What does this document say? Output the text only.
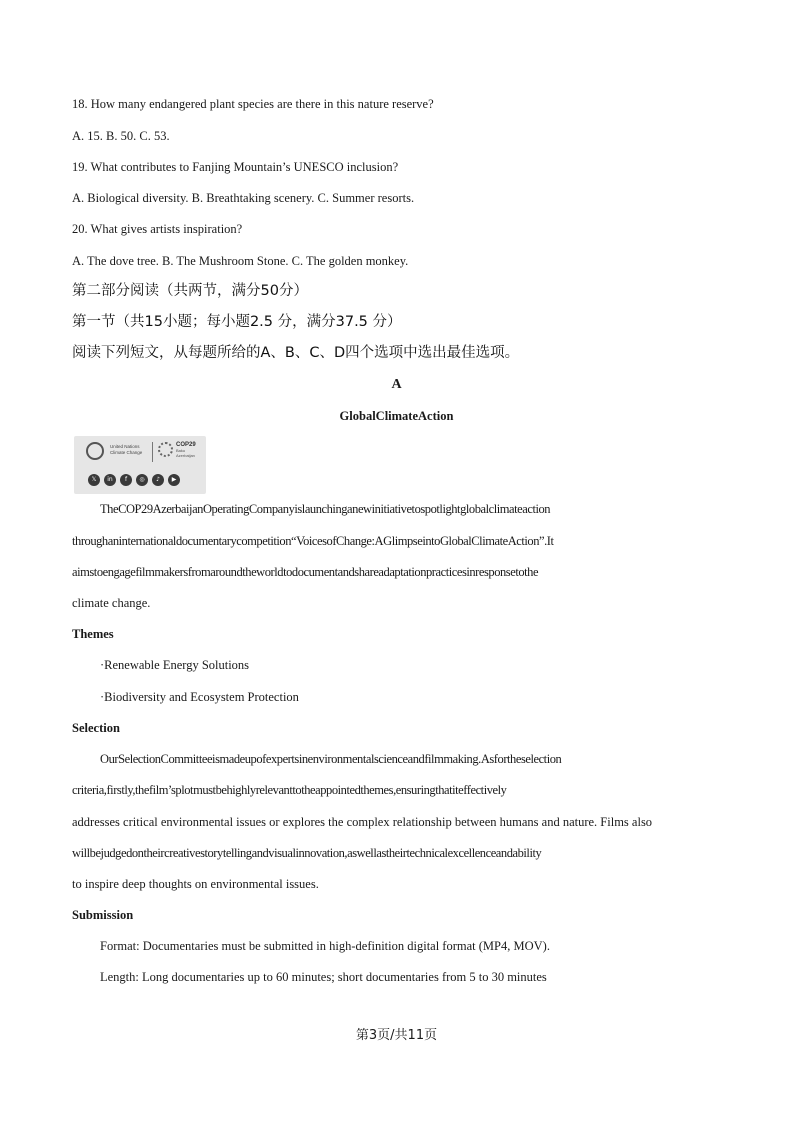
18. How many endangered plant species are there in this nature reserve?
A. 15. B. 50. C. 53.
19. What contributes to Fanjing Mountain’s UNESCO inclusion?
A. Biological diversity. B. Breathtaking scenery. C. Summer resorts.
20. What gives artists inspiration?
A. The dove tree. B. The Mushroom Stone. C. The golden monkey.
第二部分阅读（共两节，满分50分）
第一节（共15小题；每小题2.5 分，满分37.5 分）
阅读下列短文，从每题所给的A、B、C、D四个选项中选出最佳选项。
A
GlobalClimateAction
United Nations
Climate Change
COP29
Baku
Azerbaijan
𝕏	in	f	◎	♪	▶
TheCOP29AzerbaijanOperatingCompanyislaunchinganewinitiativetospotlightglobalclimateaction
throughaninternationaldocumentarycompetition“VoicesofChange:AGlimpseintoGlobalClimateAction”.It
aimstoengagefilmmakersfromaroundtheworldtodocumentandshareadaptationpracticesinresponsetothe
climate change.
Themes
·Renewable Energy Solutions
·Biodiversity and Ecosystem Protection
Selection
OurSelectionCommitteeismadeupofexpertsinenvironmentalscienceandfilmmaking.Asfortheselection
criteria,firstly,thefilm’splotmustbehighlyrelevanttotheappointedthemes,ensuringthatiteffectively
addresses critical environmental issues or explores the complex relationship between humans and nature. Films also
willbejudgedontheircreativestorytellingandvisualinnovation,aswellastheirtechnicalexcellenceandability
to inspire deep thoughts on environmental issues.
Submission
Format: Documentaries must be submitted in high-definition digital format (MP4, MOV).
Length: Long documentaries up to 60 minutes; short documentaries from 5 to 30 minutes
第3页/共11页
